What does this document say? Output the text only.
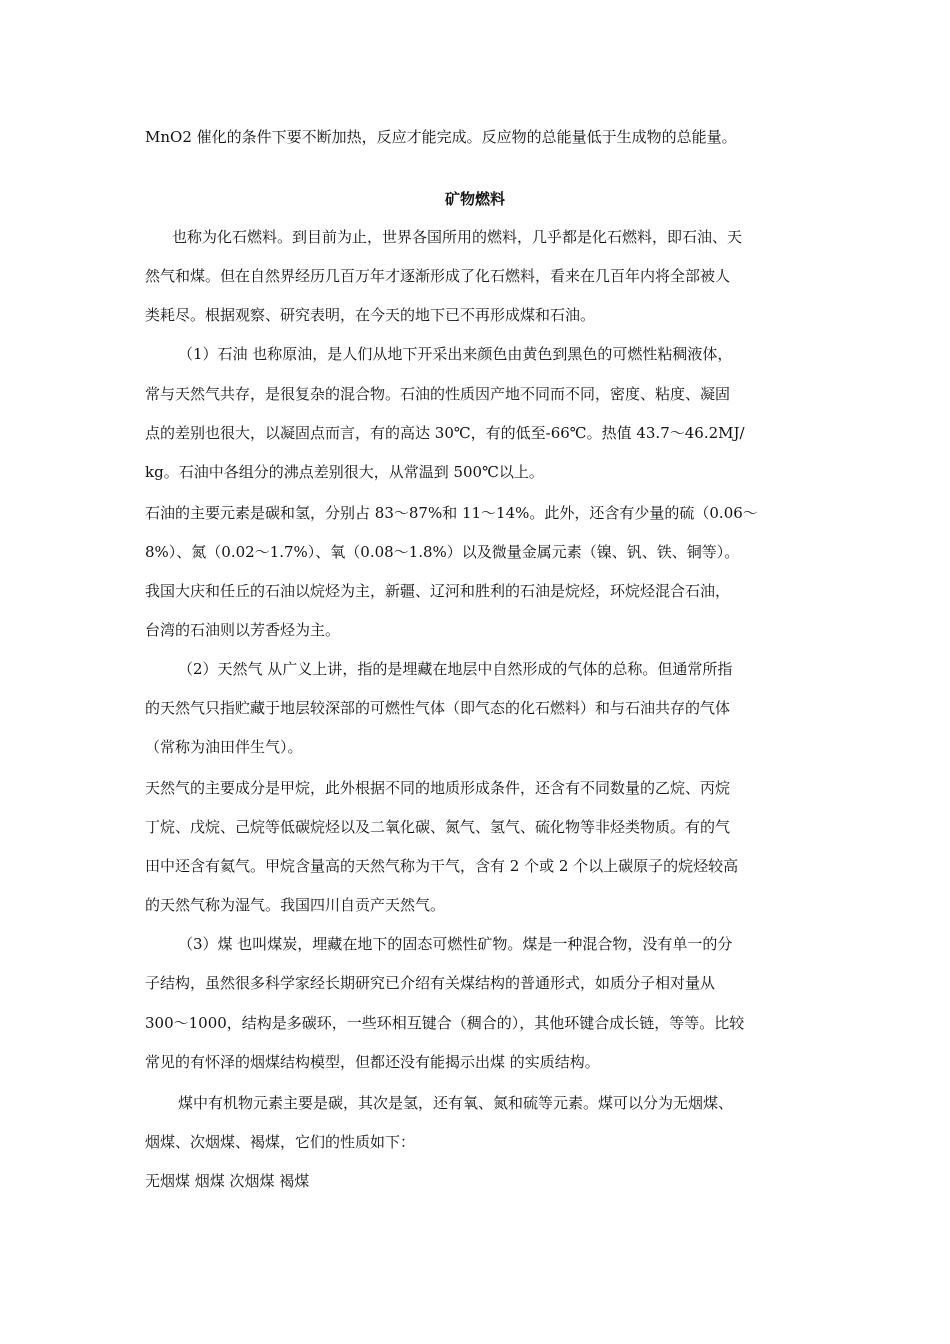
MnO2 催化的条件下要不断加热，反应才能完成。反应物的总能量低于生成物的总能量。
矿物燃料
也称为化石燃料。到目前为止，世界各国所用的燃料，几乎都是化石燃料，即石油、天
然气和煤。但在自然界经历几百万年才逐渐形成了化石燃料，看来在几百年内将全部被人
类耗尽。根据观察、研究表明，在今天的地下已不再形成煤和石油。
（1）石油 也称原油，是人们从地下开采出来颜色由黄色到黑色的可燃性粘稠液体，
常与天然气共存，是很复杂的混合物。石油的性质因产地不同而不同，密度、粘度、凝固
点的差别也很大，以凝固点而言，有的高达 30℃，有的低至-66℃。热值 43.7～46.2MJ/
kg。石油中各组分的沸点差别很大，从常温到 500℃以上。
石油的主要元素是碳和氢，分别占 83～87%和 11～14%。此外，还含有少量的硫（0.06～
8%）、氮（0.02～1.7%）、氧（0.08～1.8%）以及微量金属元素（镍、钒、铁、铜等）。
我国大庆和任丘的石油以烷烃为主，新疆、辽河和胜利的石油是烷烃，环烷烃混合石油，
台湾的石油则以芳香烃为主。
（2）天然气 从广义上讲，指的是埋藏在地层中自然形成的气体的总称。但通常所指
的天然气只指贮藏于地层较深部的可燃性气体（即气态的化石燃料）和与石油共存的气体
（常称为油田伴生气）。
天然气的主要成分是甲烷，此外根据不同的地质形成条件，还含有不同数量的乙烷、丙烷
丁烷、戊烷、己烷等低碳烷烃以及二氧化碳、氮气、氢气、硫化物等非烃类物质。有的气
田中还含有氦气。甲烷含量高的天然气称为干气，含有 2 个或 2 个以上碳原子的烷烃较高
的天然气称为湿气。我国四川自贡产天然气。
（3）煤 也叫煤炭，埋藏在地下的固态可燃性矿物。煤是一种混合物，没有单一的分
子结构，虽然很多科学家经长期研究已介绍有关煤结构的普通形式，如质分子相对量从
300～1000，结构是多碳环，一些环相互键合（稠合的），其他环键合成长链，等等。比较
常见的有怀泽的烟煤结构模型，但都还没有能揭示出煤 的实质结构。
煤中有机物元素主要是碳，其次是氢，还有氧、氮和硫等元素。煤可以分为无烟煤、
烟煤、次烟煤、褐煤，它们的性质如下：
无烟煤 烟煤 次烟煤 褐煤
